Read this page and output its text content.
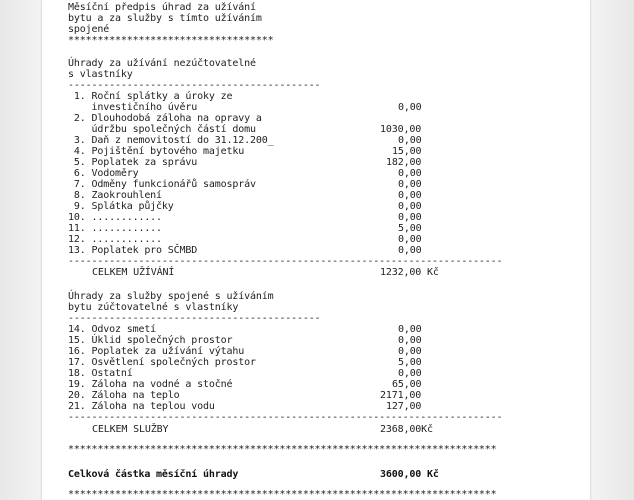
Měsíční předpis úhrad za užívání
bytu a za služby s tímto užíváním
spojené
***********************************
Úhrady za užívání nezúčtovatelné
s vlastníky
-------------------------------------------
1. Roční splátky a úroky ze
investičního úvěru	0,00
2. Dlouhodobá záloha na opravy a
údržbu společných částí domu	1030,00
3. Daň z nemovitostí do 31.12.200_	0,00
4. Pojištění bytového majetku	15,00
5. Poplatek za správu	182,00
6. Vodoměry	0,00
7. Odměny funkcionářů samospráv	0,00
8. Zaokrouhlení	0,00
9. Splátka půjčky	0,00
10. ............	0,00
11. ............	5,00
12. ............	0,00
13. Poplatek pro SČMBD	0,00
--------------------------------------------------------------------------
CELKEM UŽÍVÁNÍ	1232,00 Kč
Úhrady za služby spojené s užíváním
bytu zúčtovatelné s vlastníky
-------------------------------------------
14. Odvoz smetí	0,00
15. Úklid společných prostor	0,00
16. Poplatek za užívání výtahu	0,00
17. Osvětlení společných prostor	5,00
18. Ostatní	0,00
19. Záloha na vodné a stočné	65,00
20. Záloha na teplo	2171,00
21. Záloha na teplou vodu	127,00
--------------------------------------------------------------------------
CELKEM SLUŽBY	2368,00Kč
*************************************************************************
Celková částka měsíční úhrady	3600,00 Kč
*************************************************************************
